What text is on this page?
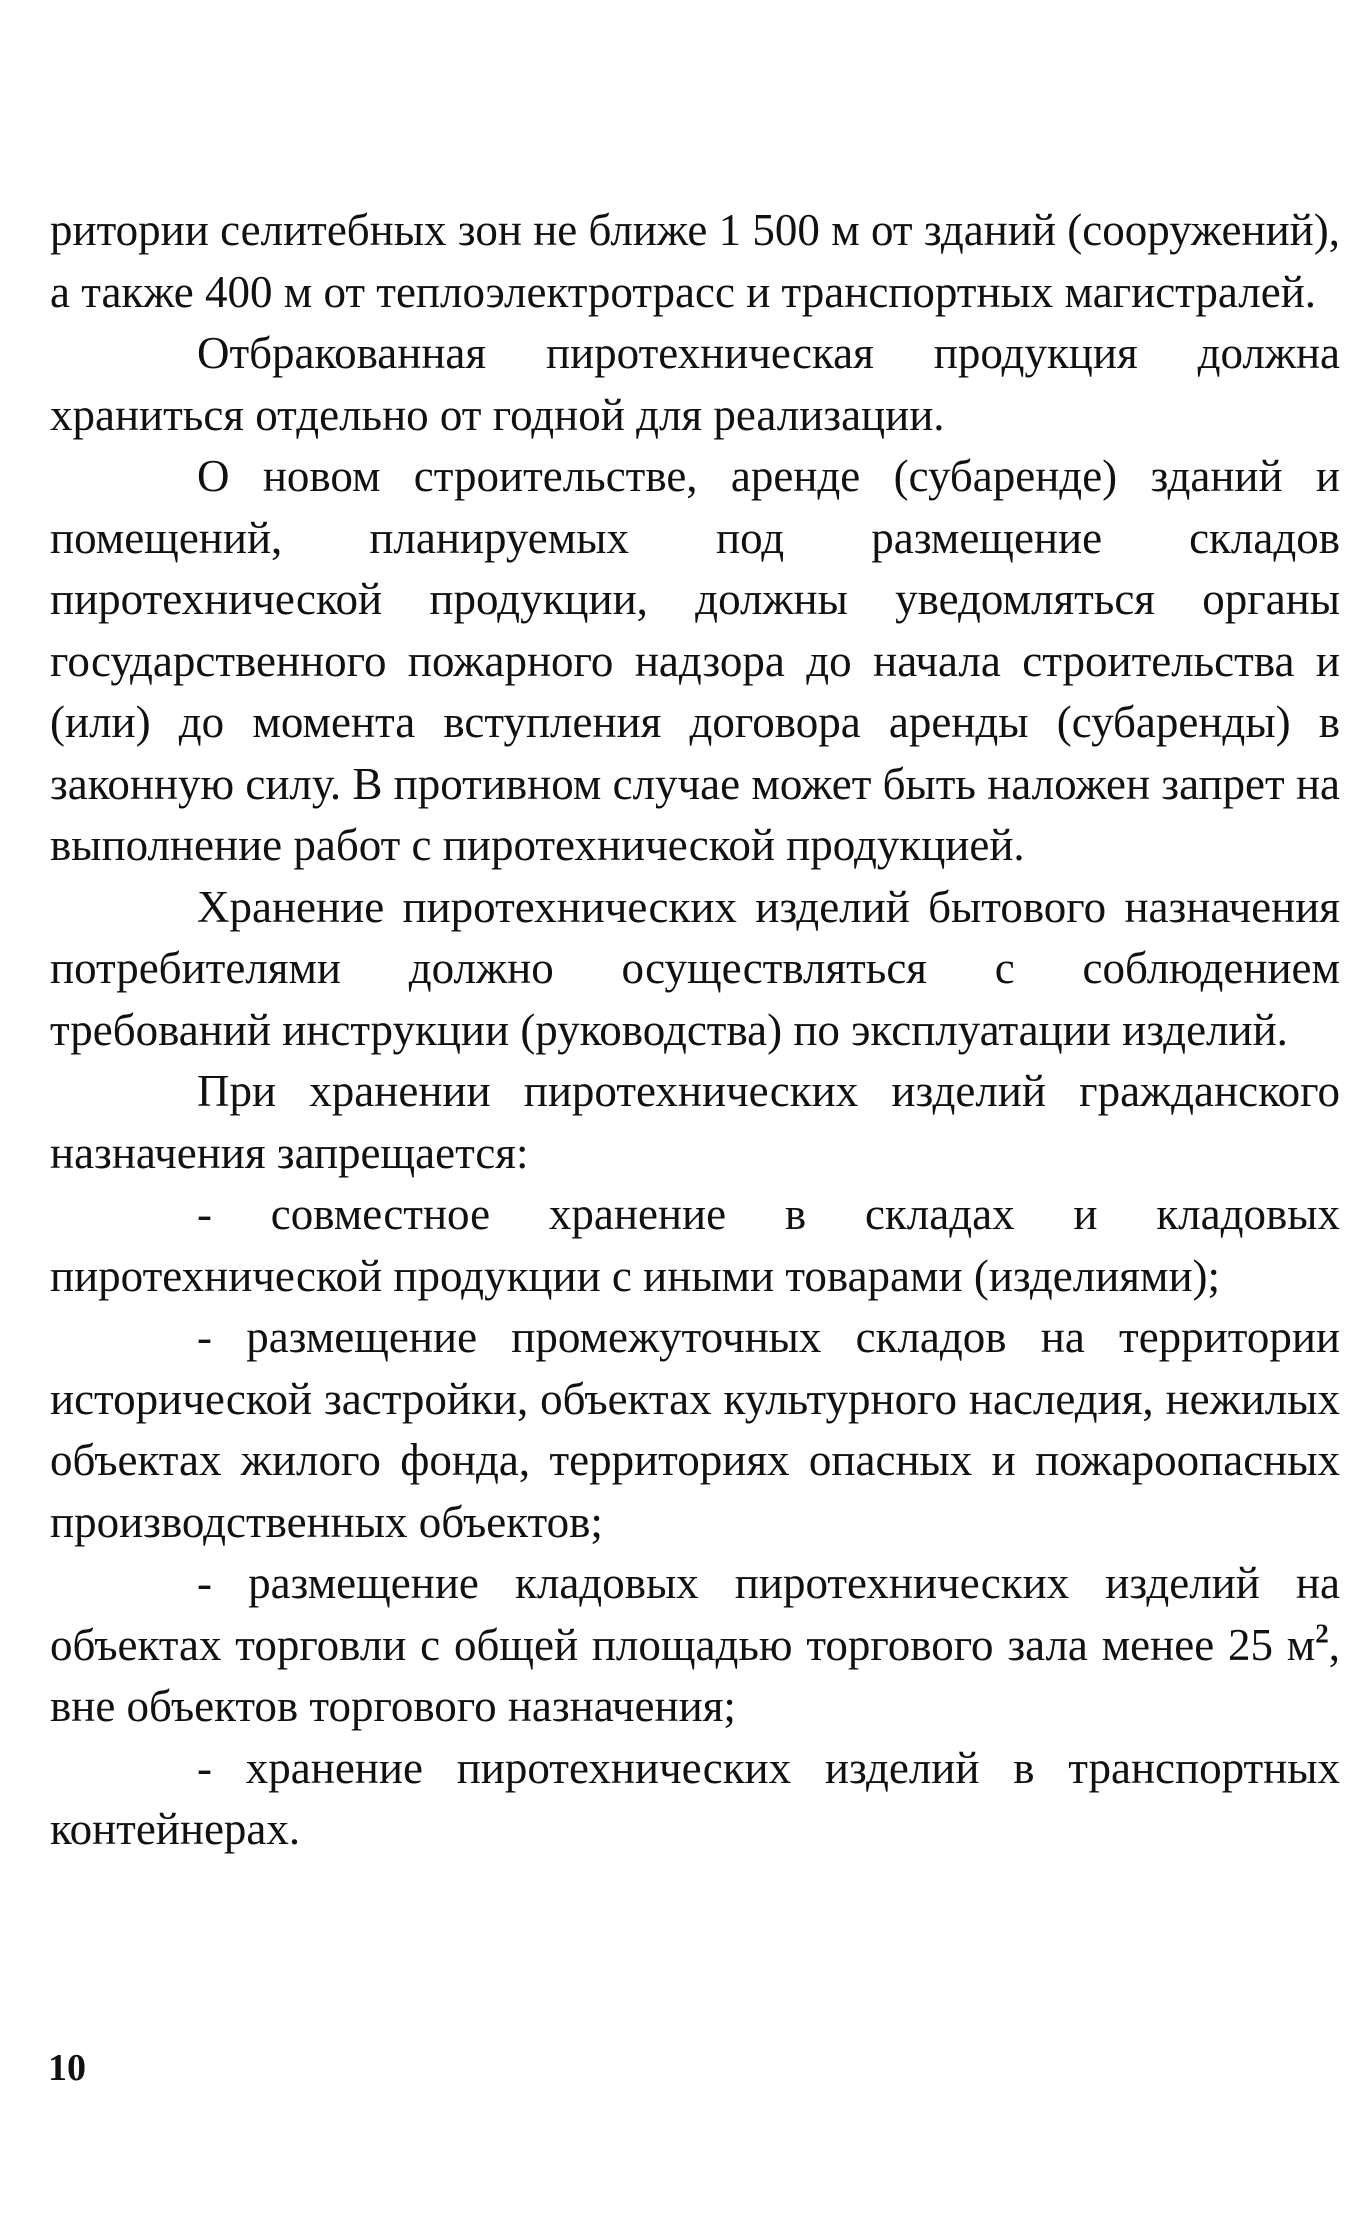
ритории селитебных зон не ближе 1 500 м от зданий (сооружений), а также 400 м от теплоэлектротрасс и транспортных магистралей.

Отбракованная пиротехническая продукция должна храниться отдельно от годной для реализации.

О новом строительстве, аренде (субаренде) зданий и помещений, планируемых под размещение складов пиротехнической продукции, должны уведомляться органы государственного пожарного надзора до начала строительства и (или) до момента вступления договора аренды (субаренды) в законную силу. В противном случае может быть наложен запрет на выполнение работ с пиротехнической продукцией.

Хранение пиротехнических изделий бытового назначения потребителями должно осуществляться с соблюдением требований инструкции (руководства) по эксплуатации изделий.

При хранении пиротехнических изделий гражданского назначения запрещается:

- совместное хранение в складах и кладовых пиротехнической продукции с иными товарами (изделиями);

- размещение промежуточных складов на территории исторической застройки, объектах культурного наследия, нежилых объектах жилого фонда, территориях опасных и пожароопасных производственных объектов;

- размещение кладовых пиротехнических изделий на объектах торговли с общей площадью торгового зала менее 25 $м^2$, вне объектов торгового назначения;

- хранение пиротехнических изделий в транспортных контейнерах.

10
